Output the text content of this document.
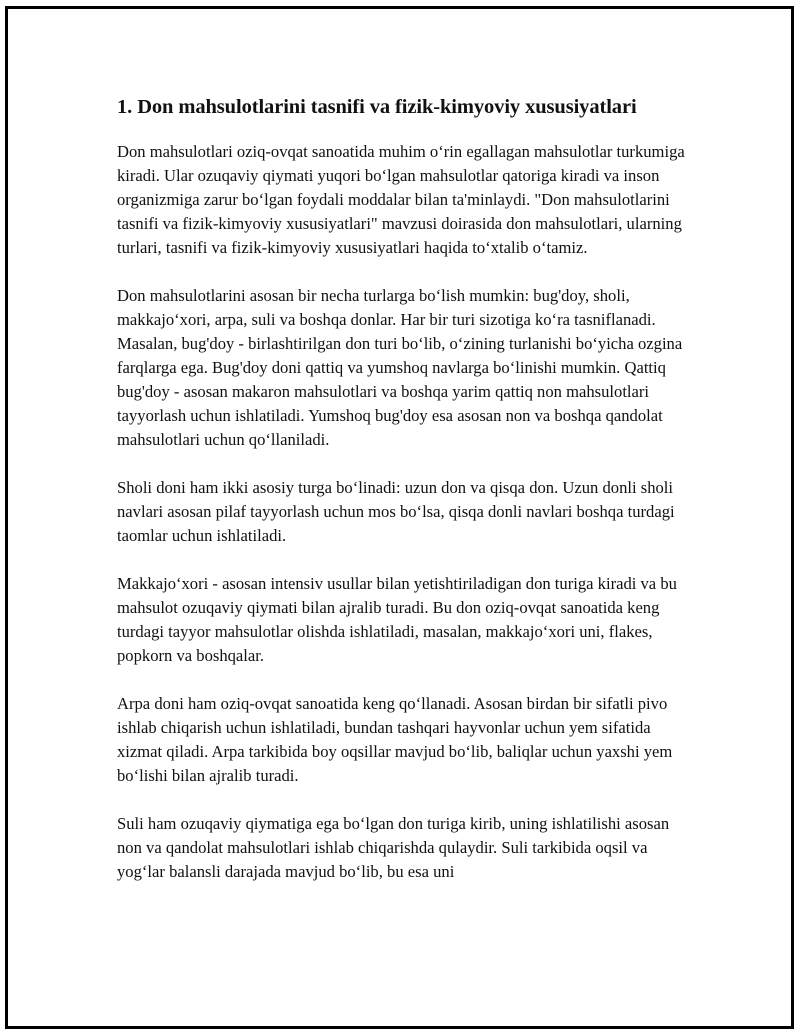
1. Don mahsulotlarini tasnifi va fizik-kimyoviy xususiyatlari

Don mahsulotlari oziq-ovqat sanoatida muhim o‘rin egallagan mahsulotlar turkumiga kiradi. Ular ozuqaviy qiymati yuqori bo‘lgan mahsulotlar qatoriga kiradi va inson organizmiga zarur bo‘lgan foydali moddalar bilan ta'minlaydi. "Don mahsulotlarini tasnifi va fizik-kimyoviy xususiyatlari" mavzusi doirasida don mahsulotlari, ularning turlari, tasnifi va fizik-kimyoviy xususiyatlari haqida to‘xtalib o‘tamiz.

Don mahsulotlarini asosan bir necha turlarga bo‘lish mumkin: bug'doy, sholi, makkajo‘xori, arpa, suli va boshqa donlar. Har bir turi sizotiga ko‘ra tasniflanadi. Masalan, bug'doy - birlashtirilgan don turi bo‘lib, o‘zining turlanishi bo‘yicha ozgina farqlarga ega. Bug'doy doni qattiq va yumshoq navlarga bo‘linishi mumkin. Qattiq bug'doy - asosan makaron mahsulotlari va boshqa yarim qattiq non mahsulotlari tayyorlash uchun ishlatiladi. Yumshoq bug'doy esa asosan non va boshqa qandolat mahsulotlari uchun qo‘llaniladi.

Sholi doni ham ikki asosiy turga bo‘linadi: uzun don va qisqa don. Uzun donli sholi navlari asosan pilaf tayyorlash uchun mos bo‘lsa, qisqa donli navlari boshqa turdagi taomlar uchun ishlatiladi.

Makkajo‘xori - asosan intensiv usullar bilan yetishtiriladigan don turiga kiradi va bu mahsulot ozuqaviy qiymati bilan ajralib turadi. Bu don oziq-ovqat sanoatida keng turdagi tayyor mahsulotlar olishda ishlatiladi, masalan, makkajo‘xori uni, flakes, popkorn va boshqalar.

Arpa doni ham oziq-ovqat sanoatida keng qo‘llanadi. Asosan birdan bir sifatli pivo ishlab chiqarish uchun ishlatiladi, bundan tashqari hayvonlar uchun yem sifatida xizmat qiladi. Arpa tarkibida boy oqsillar mavjud bo‘lib, baliqlar uchun yaxshi yem bo‘lishi bilan ajralib turadi.

Suli ham ozuqaviy qiymatiga ega bo‘lgan don turiga kirib, uning ishlatilishi asosan non va qandolat mahsulotlari ishlab chiqarishda qulaydir. Suli tarkibida oqsil va yog‘lar balansli darajada mavjud bo‘lib, bu esa uni
